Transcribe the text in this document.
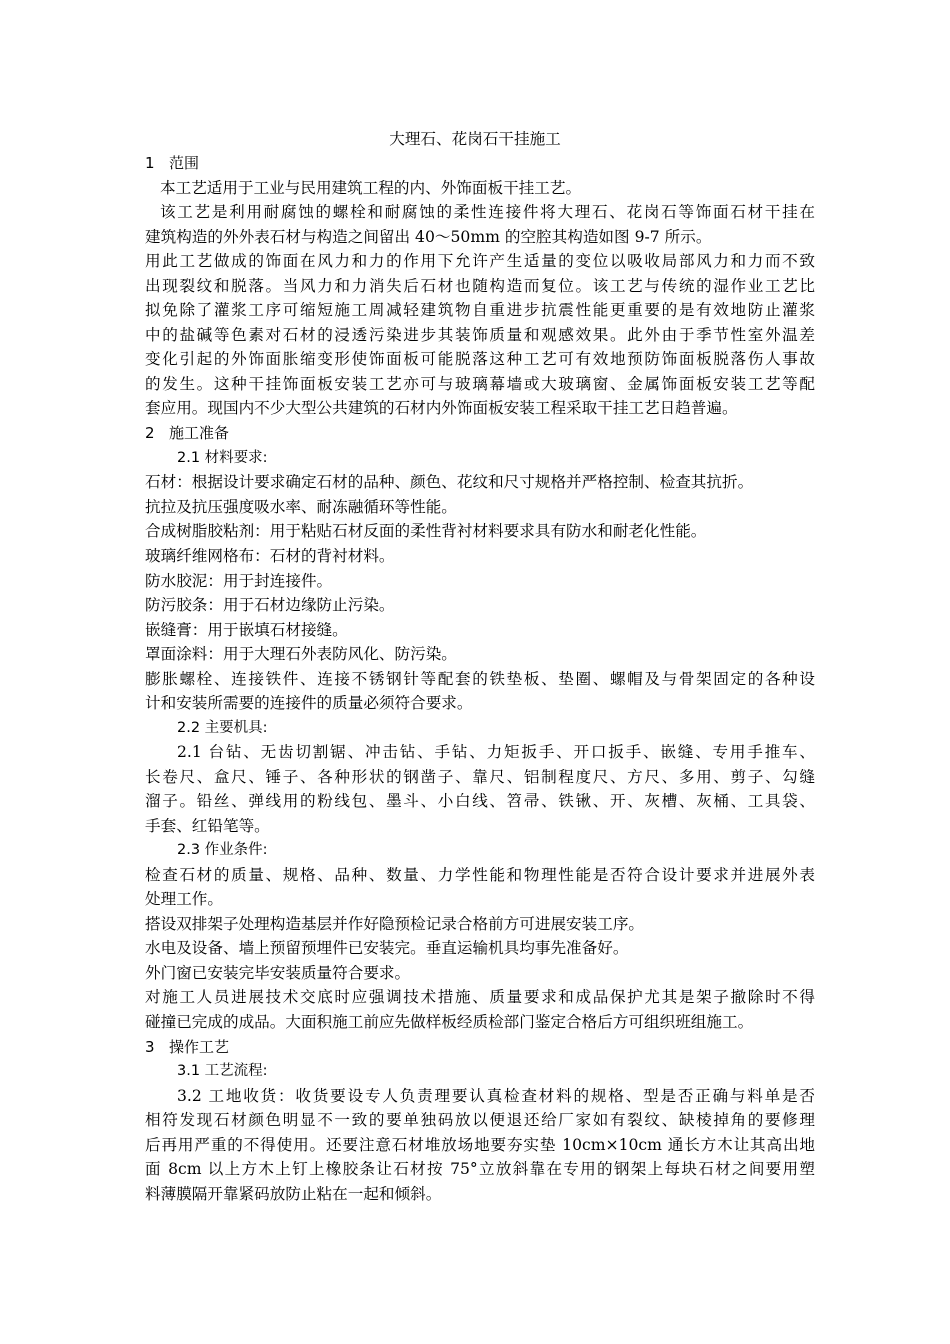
大理石、花岗石干挂施工
1 范围
本工艺适用于工业与民用建筑工程的内、外饰面板干挂工艺。
该工艺是利用耐腐蚀的螺栓和耐腐蚀的柔性连接件将大理石、花岗石等饰面石材干挂在
建筑构造的外外表石材与构造之间留出 40～50mm 的空腔其构造如图 9-7 所示。
用此工艺做成的饰面在风力和力的作用下允许产生适量的变位以吸收局部风力和力而不致
出现裂纹和脱落。当风力和力消失后石材也随构造而复位。该工艺与传统的湿作业工艺比
拟免除了灌浆工序可缩短施工周减轻建筑物自重进步抗震性能更重要的是有效地防止灌浆
中的盐碱等色素对石材的浸透污染进步其装饰质量和观感效果。此外由于季节性室外温差
变化引起的外饰面胀缩变形使饰面板可能脱落这种工艺可有效地预防饰面板脱落伤人事故
的发生。这种干挂饰面板安装工艺亦可与玻璃幕墙或大玻璃窗、金属饰面板安装工艺等配
套应用。现国内不少大型公共建筑的石材内外饰面板安装工程采取干挂工艺日趋普遍。
2 施工准备
2.1 材料要求:
石材：根据设计要求确定石材的品种、颜色、花纹和尺寸规格并严格控制、检查其抗折。
抗拉及抗压强度吸水率、耐冻融循环等性能。
合成树脂胶粘剂：用于粘贴石材反面的柔性背衬材料要求具有防水和耐老化性能。
玻璃纤维网格布：石材的背衬材料。
防水胶泥：用于封连接件。
防污胶条：用于石材边缘防止污染。
嵌缝膏：用于嵌填石材接缝。
罩面涂料：用于大理石外表防风化、防污染。
膨胀螺栓、连接铁件、连接不锈钢针等配套的铁垫板、垫圈、螺帽及与骨架固定的各种设
计和安装所需要的连接件的质量必须符合要求。
2.2 主要机具:
2.1 台钻、无齿切割锯、冲击钻、手钻、力矩扳手、开口扳手、嵌缝、专用手推车、
长卷尺、盒尺、锤子、各种形状的钢凿子、靠尺、铝制程度尺、方尺、多用、剪子、勾缝
溜子。铅丝、弹线用的粉线包、墨斗、小白线、笤帚、铁锹、开、灰槽、灰桶、工具袋、
手套、红铅笔等。
2.3 作业条件:
检查石材的质量、规格、品种、数量、力学性能和物理性能是否符合设计要求并进展外表
处理工作。
搭设双排架子处理构造基层并作好隐预检记录合格前方可进展安装工序。
水电及设备、墙上预留预埋件已安装完。垂直运输机具均事先准备好。
外门窗已安装完毕安装质量符合要求。
对施工人员进展技术交底时应强调技术措施、质量要求和成品保护尤其是架子撤除时不得
碰撞已完成的成品。大面积施工前应先做样板经质检部门鉴定合格后方可组织班组施工。
3 操作工艺
3.1 工艺流程:
3.2 工地收货：收货要设专人负责理要认真检查材料的规格、型是否正确与料单是否
相符发现石材颜色明显不一致的要单独码放以便退还给厂家如有裂纹、缺棱掉角的要修理
后再用严重的不得使用。还要注意石材堆放场地要夯实垫 10cm×10cm 通长方木让其高出地
面 8cm 以上方木上钉上橡胶条让石材按 75°立放斜靠在专用的钢架上每块石材之间要用塑
料薄膜隔开靠紧码放防止粘在一起和倾斜。
